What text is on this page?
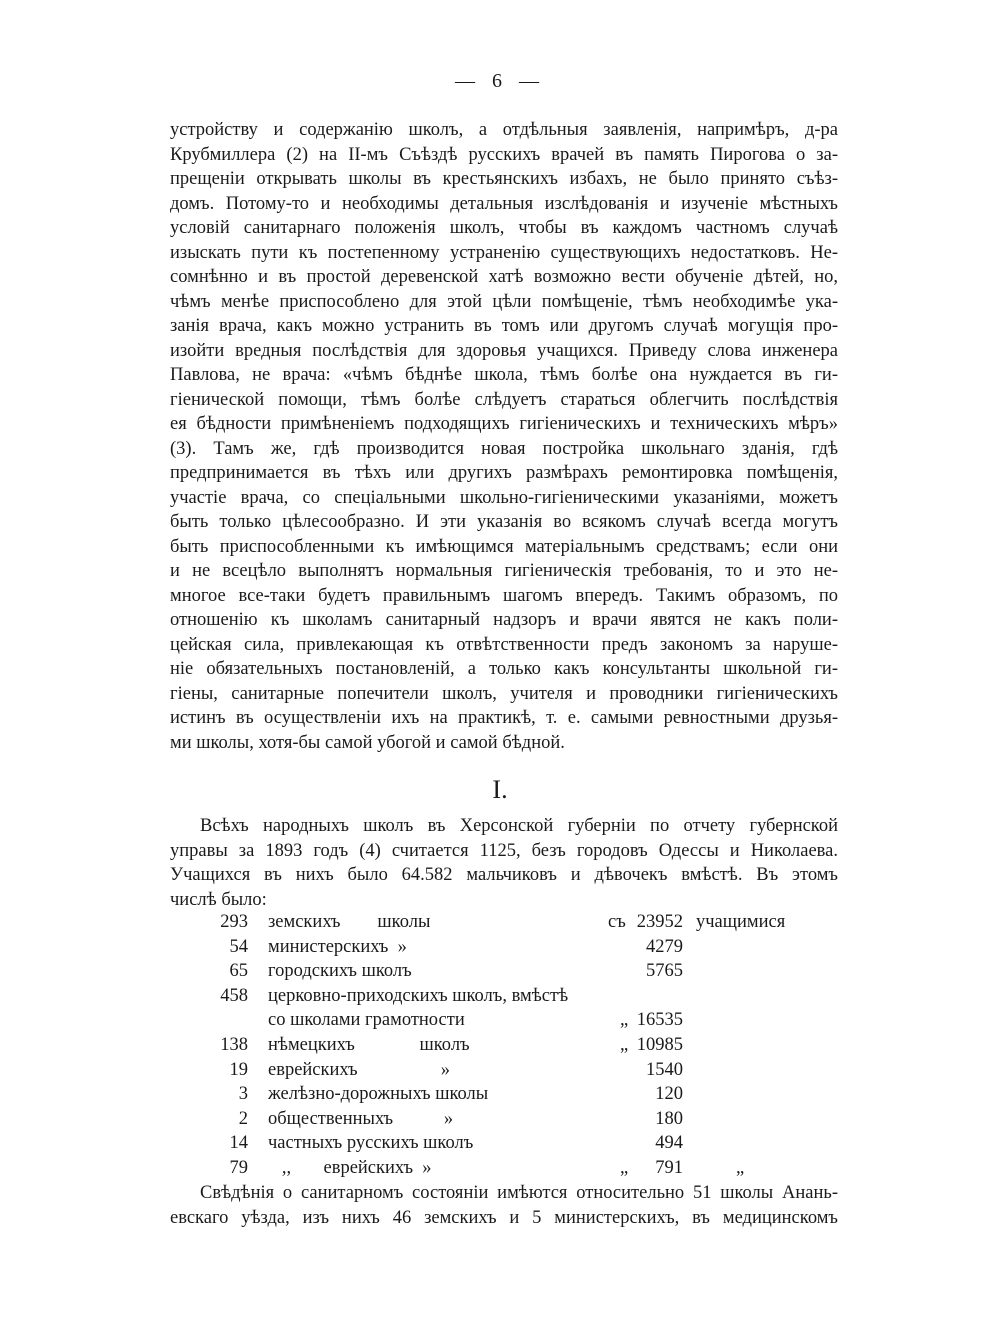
— 6 —
устройству и содержанію школъ, а отдѣльныя заявленія, напримѣръ, д-ра
Крубмиллера (2) на II-мъ Съѣздѣ русскихъ врачей въ память Пирогова о за-
прещеніи открывать школы въ крестьянскихъ избахъ, не было принято съѣз-
домъ. Потому-то и необходимы детальныя изслѣдованія и изученіе мѣстныхъ
условій санитарнаго положенія школъ, чтобы въ каждомъ частномъ случаѣ
изыскать пути къ постепенному устраненію существующихъ недостатковъ. Не-
сомнѣнно и въ простой деревенской хатѣ возможно вести обученіе дѣтей, но,
чѣмъ менѣе приспособлено для этой цѣли помѣщеніе, тѣмъ необходимѣе ука-
занія врача, какъ можно устранить въ томъ или другомъ случаѣ могущія про-
изойти вредныя послѣдствія для здоровья учащихся. Приведу слова инженера
Павлова, не врача: «чѣмъ бѣднѣе школа, тѣмъ болѣе она нуждается въ ги-
гіенической помощи, тѣмъ болѣе слѣдуетъ стараться облегчить послѣдствія
ея бѣдности примѣненіемъ подходящихъ гигіеническихъ и техническихъ мѣръ»
(3). Тамъ же, гдѣ производится новая постройка школьнаго зданія, гдѣ
предпринимается въ тѣхъ или другихъ размѣрахъ ремонтировка помѣщенія,
участіе врача, со спеціальными школьно-гигіеническими указаніями, можетъ
быть только цѣлесообразно. И эти указанія во всякомъ случаѣ всегда могутъ
быть приспособленными къ имѣющимся матеріальнымъ средствамъ; если они
и не всецѣло выполнятъ нормальныя гигіеническія требованія, то и это не-
многое все-таки будетъ правильнымъ шагомъ впередъ. Такимъ образомъ, по
отношенію къ школамъ санитарный надзоръ и врачи явятся не какъ поли-
цейская сила, привлекающая къ отвѣтственности предъ закономъ за наруше-
ніе обязательныхъ постановленій, а только какъ консультанты школьной ги-
гіены, санитарные попечители школъ, учителя и проводники гигіеническихъ
истинъ въ осуществленіи ихъ на практикѣ, т. е. самыми ревностными друзья-
ми школы, хотя-бы самой убогой и самой бѣдной.
I.
Всѣхъ народныхъ школъ въ Херсонской губерніи по отчету губернской
управы за 1893 годъ (4) считается 1125, безъ городовъ Одессы и Николаева.
Учащихся въ нихъ было 64.582 мальчиковъ и дѣвочекъ вмѣстѣ. Въ этомъ
числѣ было:
293 земскихъ        школы	съ 23952 учащимися
54 министерскихъ  »	4279
65 городскихъ школъ	5765
458 церковно-приходскихъ школъ, вмѣстѣ
со школами грамотности	„ 16535
138 нѣмецкихъ              школъ	„ 10985
19 еврейскихъ                  »	1540
3 желѣзно-дорожныхъ школы	120
2 общественныхъ           »	180
14 частныхъ русскихъ школъ	494
79 ,,       еврейскихъ  »	„	791	„
Свѣдѣнія о санитарномъ состояніи имѣются относительно 51 школы Анань-
евскаго уѣзда, изъ нихъ 46 земскихъ и 5 министерскихъ, въ медицинскомъ
